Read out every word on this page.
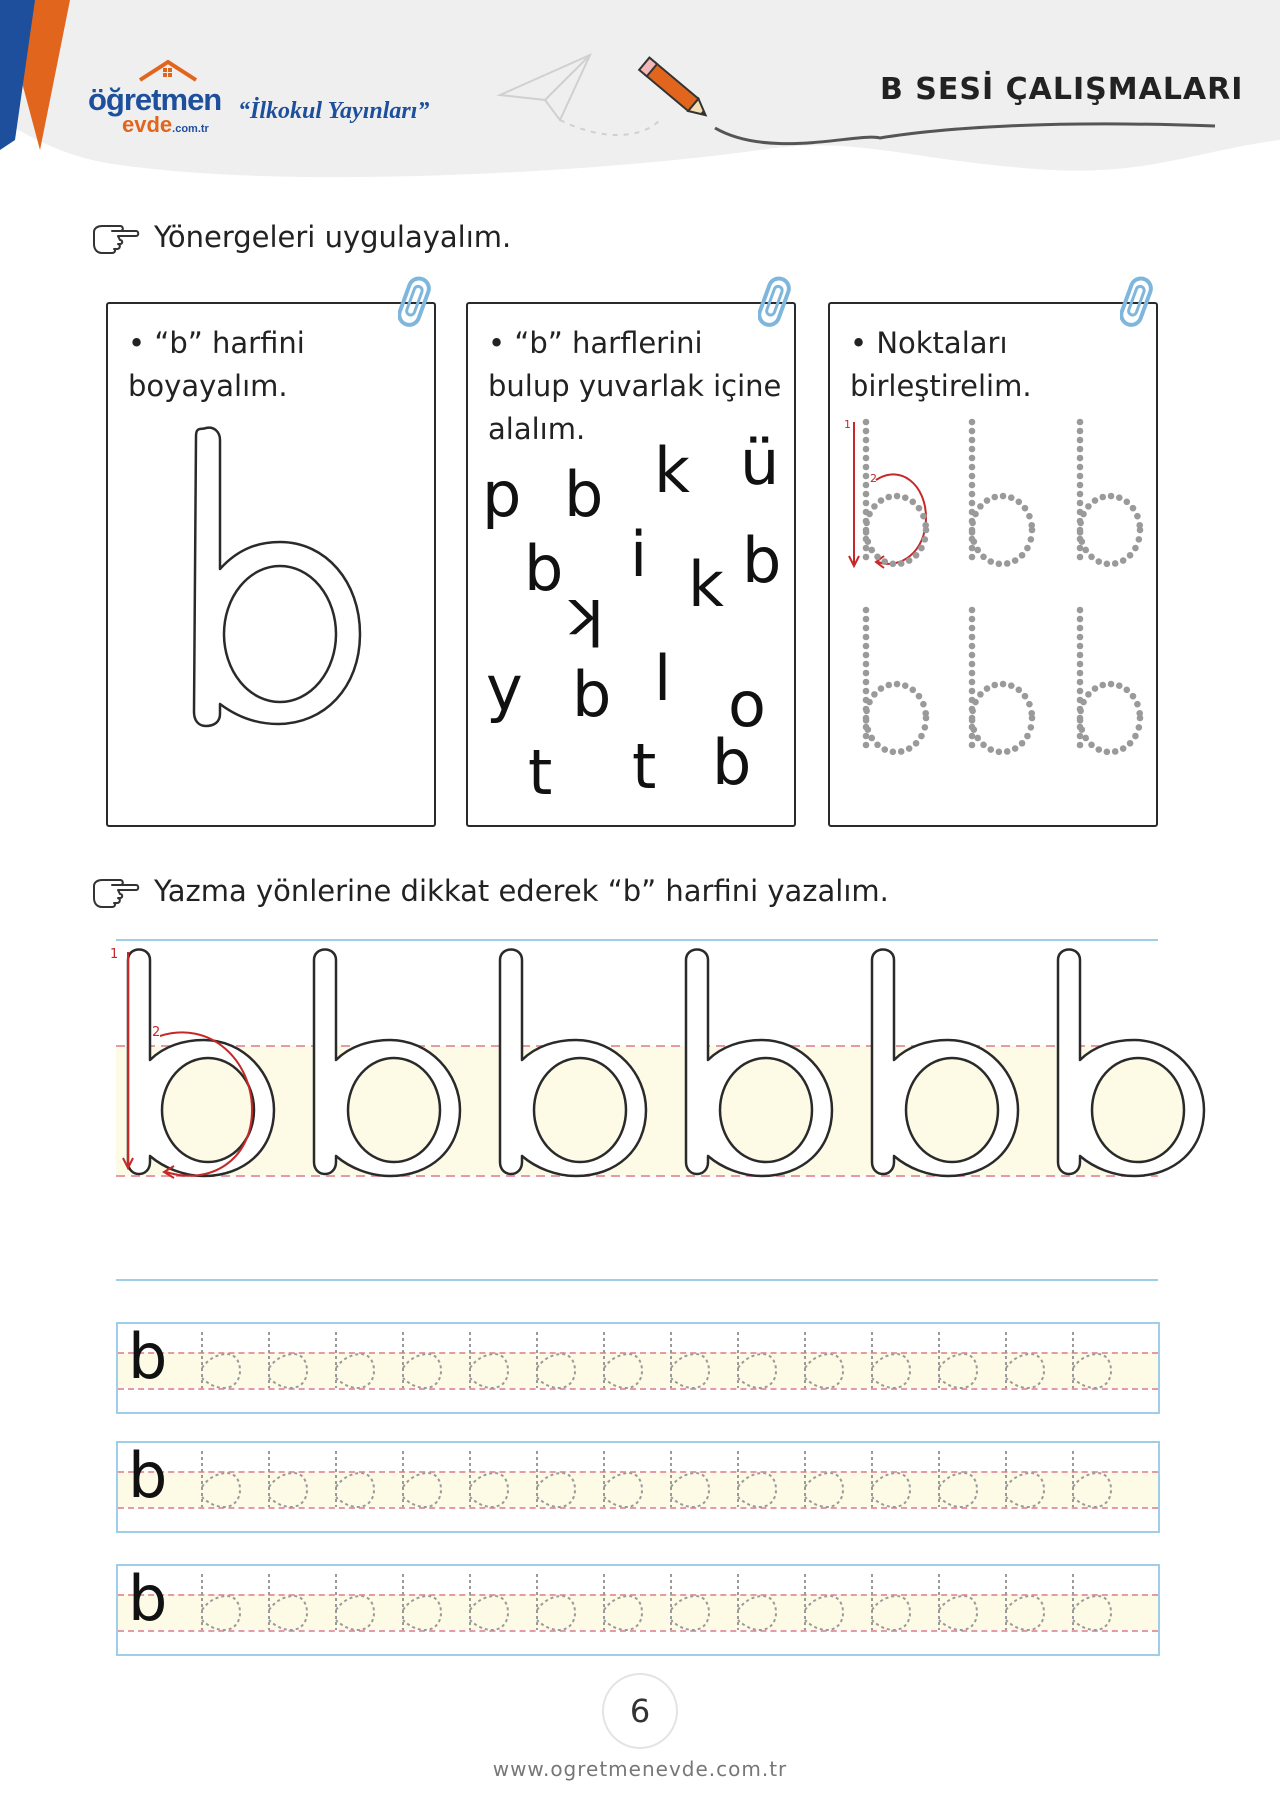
öğretmen
evde.com.tr
“İlkokul Yayınları”
B SESİ ÇALIŞMALARI
Yönergeleri uygulayalım.
• “b” harfini boyayalım.
• “b” harflerini bulup yuvarlak içine alalım.
p b k ü
b i k b
k
y b l o
t t b
• Noktaları birleştirelim.
1
2
Yazma yönlerine dikkat ederek “b” harfini yazalım.
1
2
b
b
b
6
www.ogretmenevde.com.tr
